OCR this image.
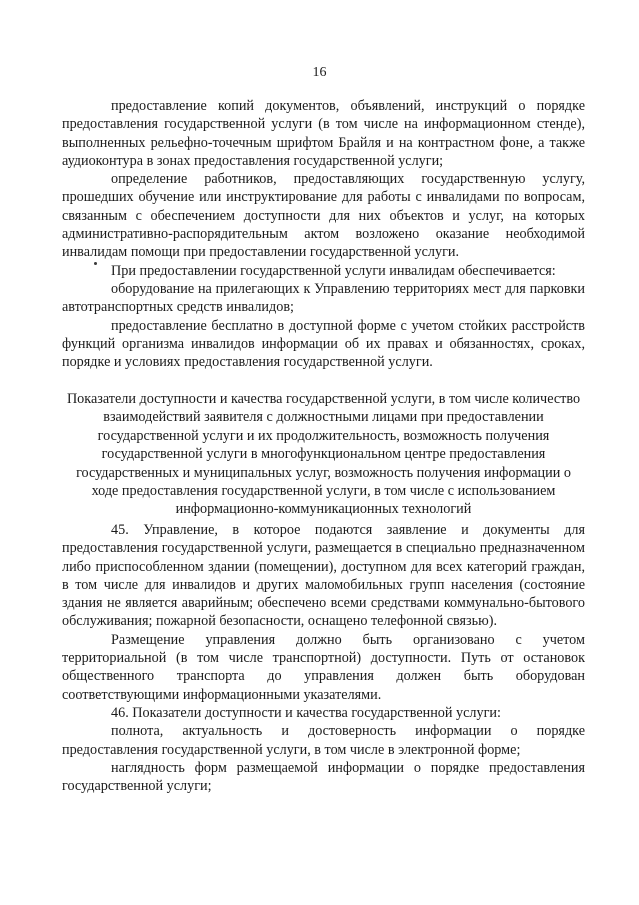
16

предоставление копий документов, объявлений, инструкций о порядке предоставления государственной услуги (в том числе на информационном стенде), выполненных рельефно-точечным шрифтом Брайля и на контрастном фоне, а также аудиоконтура в зонах предоставления государственной услуги;

определение работников, предоставляющих государственную услугу, прошедших обучение или инструктирование для работы с инвалидами по вопросам, связанным с обеспечением доступности для них объектов и услуг, на которых административно-распорядительным актом возложено оказание необходимой инвалидам помощи при предоставлении государственной услуги.

При предоставлении государственной услуги инвалидам обеспечивается:

оборудование на прилегающих к Управлению территориях мест для парковки автотранспортных средств инвалидов;

предоставление бесплатно в доступной форме с учетом стойких расстройств функций организма инвалидов информации об их правах и обязанностях, сроках, порядке и условиях предоставления государственной услуги.

Показатели доступности и качества государственной услуги, в том числе количество взаимодействий заявителя с должностными лицами при предоставлении государственной услуги и их продолжительность, возможность получения государственной услуги в многофункциональном центре предоставления государственных и муниципальных услуг, возможность получения информации о ходе предоставления государственной услуги, в том числе с использованием информационно-коммуникационных технологий

45. Управление, в которое подаются заявление и документы для предоставления государственной услуги, размещается в специально предназначенном либо приспособленном здании (помещении), доступном для всех категорий граждан, в том числе для инвалидов и других маломобильных групп населения (состояние здания не является аварийным; обеспечено всеми средствами коммунально-бытового обслуживания; пожарной безопасности, оснащено телефонной связью).

Размещение управления должно быть организовано с учетом территориальной (в том числе транспортной) доступности. Путь от остановок общественного транспорта до управления должен быть оборудован соответствующими информационными указателями.

46. Показатели доступности и качества государственной услуги:

полнота, актуальность и достоверность информации о порядке предоставления государственной услуги, в том числе в электронной форме;

наглядность форм размещаемой информации о порядке предоставления государственной услуги;
